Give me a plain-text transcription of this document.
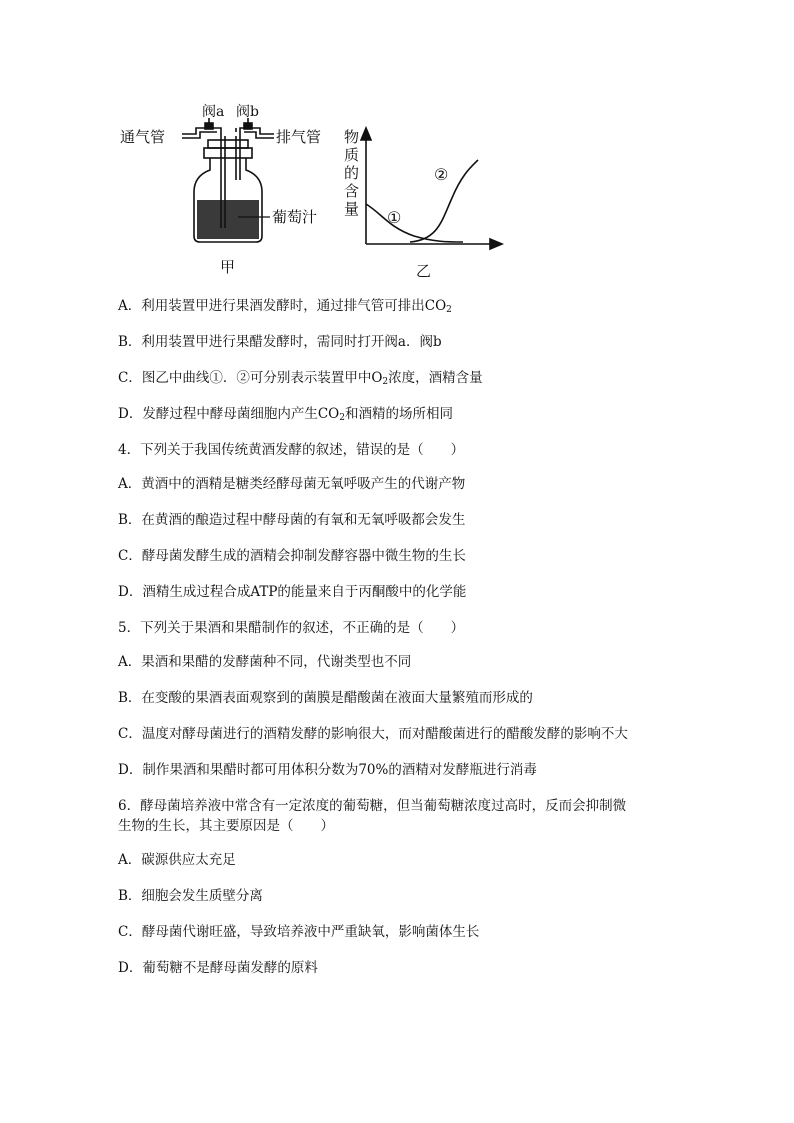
阀a 阀b
通气管	排气管
葡萄汁
甲
物
质
的
含
量 ①
②
乙

A．利用装置甲进行果酒发酵时，通过排气管可排出$CO_2$

B．利用装置甲进行果醋发酵时，需同时打开阀a．阀b

C．图乙中曲线①．②可分别表示装置甲中$O_2$浓度，酒精含量

D．发酵过程中酵母菌细胞内产生$CO_2$和酒精的场所相同

4．下列关于我国传统黄酒发酵的叙述，错误的是（　　）

A．黄酒中的酒精是糖类经酵母菌无氧呼吸产生的代谢产物

B．在黄酒的酿造过程中酵母菌的有氧和无氧呼吸都会发生

C．酵母菌发酵生成的酒精会抑制发酵容器中微生物的生长

D．酒精生成过程合成ATP的能量来自于丙酮酸中的化学能

5．下列关于果酒和果醋制作的叙述，不正确的是（　　）

A．果酒和果醋的发酵菌种不同，代谢类型也不同

B．在变酸的果酒表面观察到的菌膜是醋酸菌在液面大量繁殖而形成的

C．温度对酵母菌进行的酒精发酵的影响很大，而对醋酸菌进行的醋酸发酵的影响不大

D．制作果酒和果醋时都可用体积分数为70%的酒精对发酵瓶进行消毒

6．酵母菌培养液中常含有一定浓度的葡萄糖，但当葡萄糖浓度过高时，反而会抑制微

生物的生长，其主要原因是（　　）

A．碳源供应太充足

B．细胞会发生质壁分离

C．酵母菌代谢旺盛，导致培养液中严重缺氧，影响菌体生长

D．葡萄糖不是酵母菌发酵的原料
